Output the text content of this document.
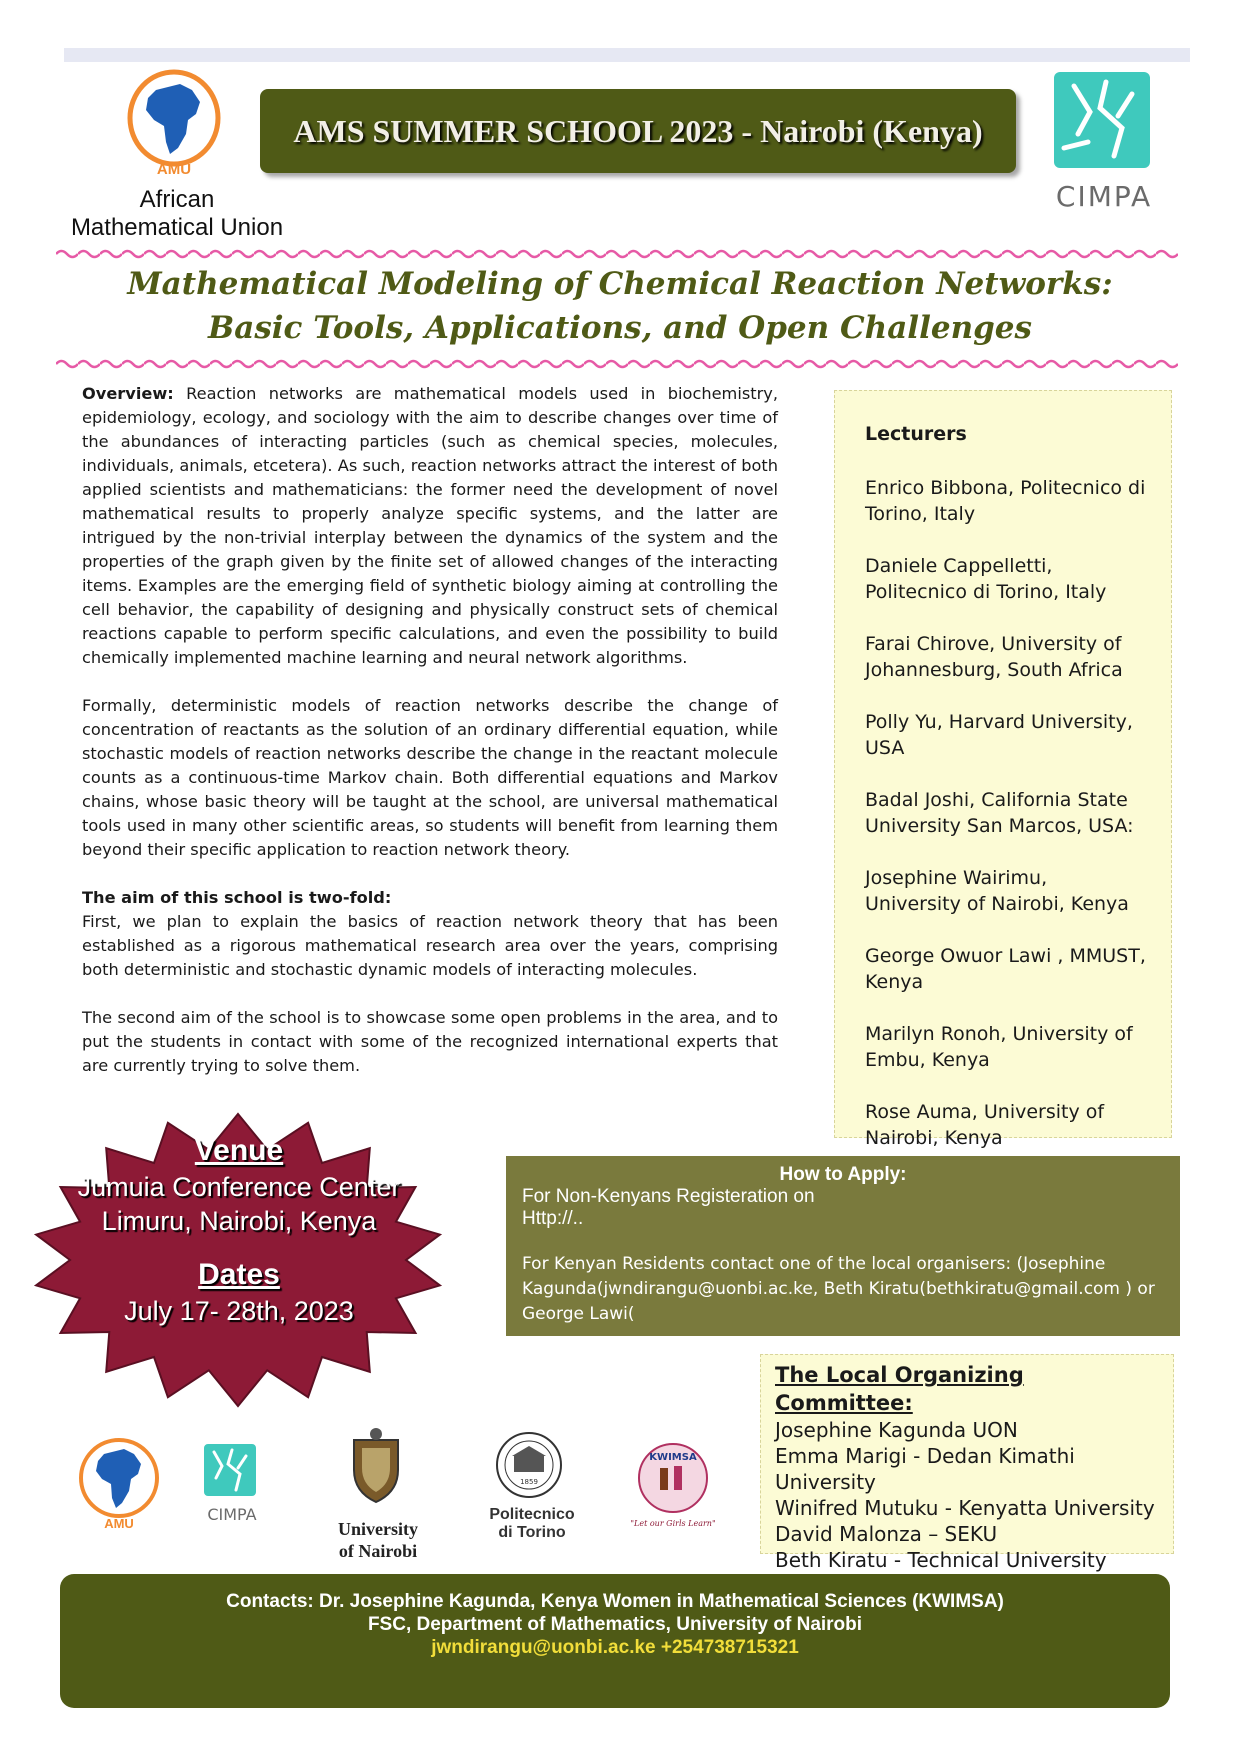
AMU
African
Mathematical Union
AMS SUMMER SCHOOL 2023 - Nairobi (Kenya)
CIMPA
Mathematical Modeling of Chemical Reaction Networks:
Basic Tools, Applications, and Open Challenges

Overview: Reaction networks are mathematical models used in biochemistry, epidemiology, ecology, and sociology with the aim to describe changes over time of the abundances of interacting particles (such as chemical species, molecules, individuals, animals, etcetera). As such, reaction networks attract the interest of both applied scientists and mathematicians: the former need the development of novel mathematical results to properly analyze specific systems, and the latter are intrigued by the non-trivial interplay between the dynamics of the system and the properties of the graph given by the finite set of allowed changes of the interacting items. Examples are the emerging field of synthetic biology aiming at controlling the cell behavior, the capability of designing and physically construct sets of chemical reactions capable to perform specific calculations, and even the possibility to build chemically implemented machine learning and neural network algorithms.

Formally, deterministic models of reaction networks describe the change of concentration of reactants as the solution of an ordinary differential equation, while stochastic models of reaction networks describe the change in the reactant molecule counts as a continuous-time Markov chain. Both differential equations and Markov chains, whose basic theory will be taught at the school, are universal mathematical tools used in many other scientific areas, so students will benefit from learning them beyond their specific application to reaction network theory.

The aim of this school is two-fold:

First, we plan to explain the basics of reaction network theory that has been established as a rigorous mathematical research area over the years, comprising both deterministic and stochastic dynamic models of interacting molecules.

The second aim of the school is to showcase some open problems in the area, and to put the students in contact with some of the recognized international experts that are currently trying to solve them.

Lecturers
Enrico Bibbona, Politecnico di Torino, Italy
Daniele Cappelletti, Politecnico di Torino, Italy
Farai Chirove, University of Johannesburg, South Africa
Polly Yu, Harvard University, USA
Badal Joshi, California State University San Marcos, USA:
Josephine Wairimu, University of Nairobi, Kenya
George Owuor Lawi , MMUST, Kenya
Marilyn Ronoh, University of Embu, Kenya
Rose Auma, University of Nairobi, Kenya
Venue
Jumuia Conference Center
Limuru, Nairobi, Kenya
Dates
July 17- 28th, 2023
How to Apply:
For Non-Kenyans Registeration on
Http://..
For Kenyan Residents contact one of the local organisers: (Josephine Kagunda(jwndirangu@uonbi.ac.ke, Beth Kiratu(bethkiratu@gmail.com ) or George Lawi(
The Local Organizing Committee:
Josephine Kagunda UON
Emma Marigi - Dedan Kimathi University
Winifred Mutuku - Kenyatta University
David Malonza – SEKU
Beth Kiratu - Technical University
AMU	CIMPA
University
of Nairobi
1859
Politecnico
di Torino
KWIMSA
"Let our Girls Learn"
Contacts: Dr. Josephine Kagunda, Kenya Women in Mathematical Sciences (KWIMSA)
FSC, Department of Mathematics, University of Nairobi
jwndirangu@uonbi.ac.ke +254738715321
